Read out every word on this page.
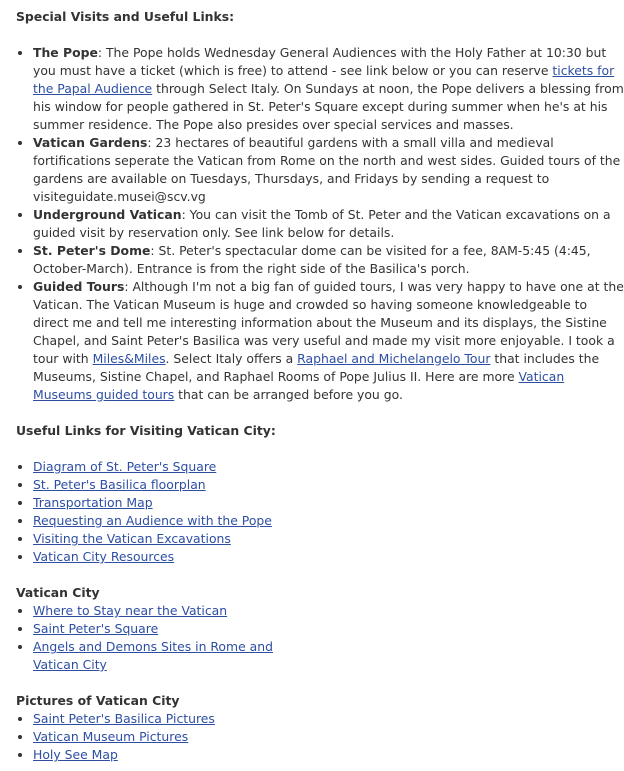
Special Visits and Useful Links:
• The Pope: The Pope holds Wednesday General Audiences with the Holy Father at 10:30 but you must have a ticket (which is free) to attend - see link below or you can reserve tickets for the Papal Audience through Select Italy. On Sundays at noon, the Pope delivers a blessing from his window for people gathered in St. Peter's Square except during summer when he's at his summer residence. The Pope also presides over special services and masses.
• Vatican Gardens: 23 hectares of beautiful gardens with a small villa and medieval fortifications seperate the Vatican from Rome on the north and west sides. Guided tours of the gardens are available on Tuesdays, Thursdays, and Fridays by sending a request to visiteguidate.musei@scv.vg
• Underground Vatican: You can visit the Tomb of St. Peter and the Vatican excavations on a guided visit by reservation only. See link below for details.
• St. Peter's Dome: St. Peter's spectacular dome can be visited for a fee, 8AM-5:45 (4:45, October-March). Entrance is from the right side of the Basilica's porch.
• Guided Tours: Although I'm not a big fan of guided tours, I was very happy to have one at the Vatican. The Vatican Museum is huge and crowded so having someone knowledgeable to direct me and tell me interesting information about the Museum and its displays, the Sistine Chapel, and Saint Peter's Basilica was very useful and made my visit more enjoyable. I took a tour with Miles&Miles. Select Italy offers a Raphael and Michelangelo Tour that includes the Museums, Sistine Chapel, and Raphael Rooms of Pope Julius II. Here are more Vatican Museums guided tours that can be arranged before you go.
Useful Links for Visiting Vatican City:
• Diagram of St. Peter's Square
• St. Peter's Basilica floorplan
• Transportation Map
• Requesting an Audience with the Pope
• Visiting the Vatican Excavations
• Vatican City Resources
Vatican City
• Where to Stay near the Vatican
• Saint Peter's Square
• Angels and Demons Sites in Rome and Vatican City
Pictures of Vatican City
• Saint Peter's Basilica Pictures
• Vatican Museum Pictures
• Holy See Map
